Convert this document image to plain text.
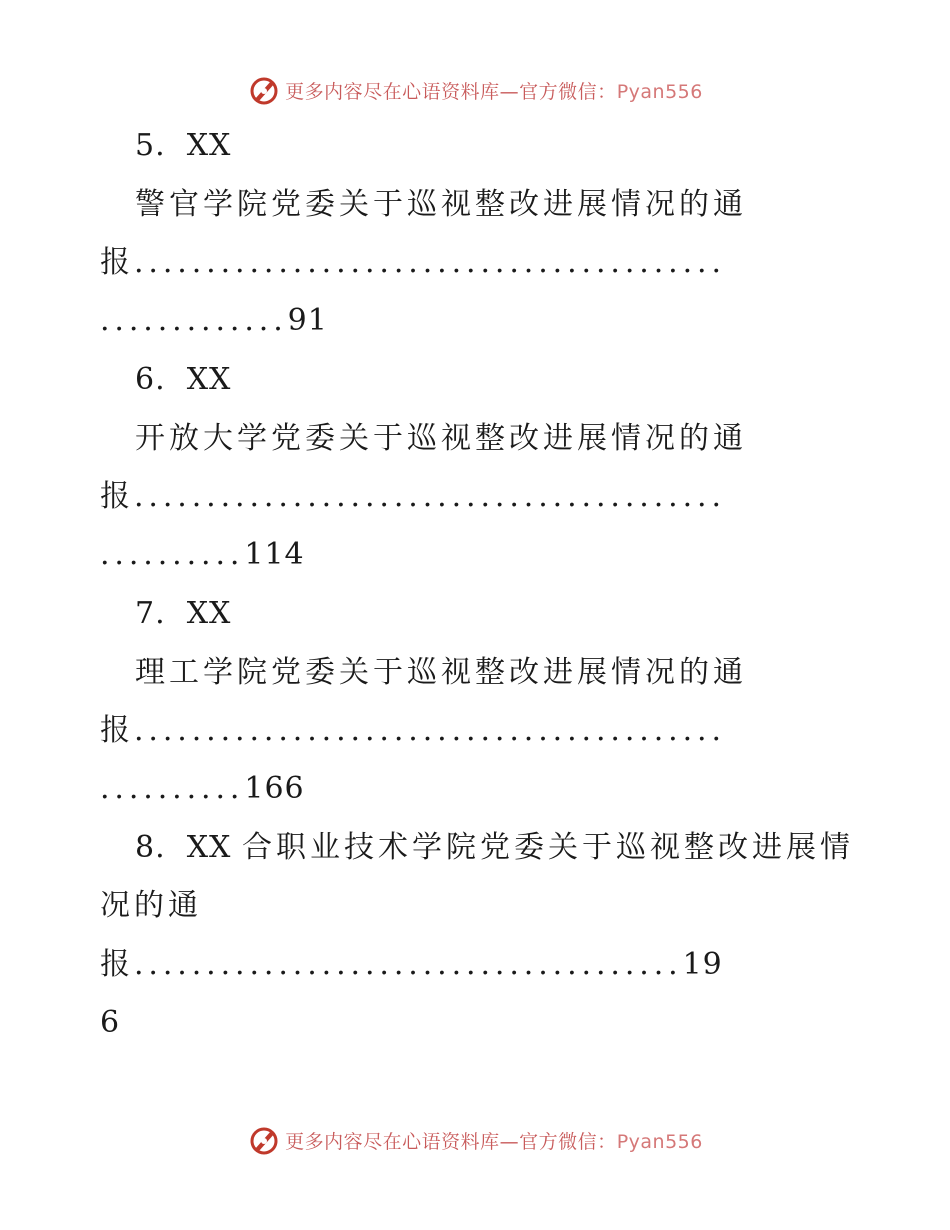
更多内容尽在心语资料库—官方微信：Pyan556
5. XX
警官学院党委关于巡视整改进展情况的通
报.........................................
.............91
6. XX
开放大学党委关于巡视整改进展情况的通
报.........................................
..........114
7. XX
理工学院党委关于巡视整改进展情况的通
报.........................................
..........166
8. XX 合职业技术学院党委关于巡视整改进展情
况的通
报......................................19
6
更多内容尽在心语资料库—官方微信：Pyan556
